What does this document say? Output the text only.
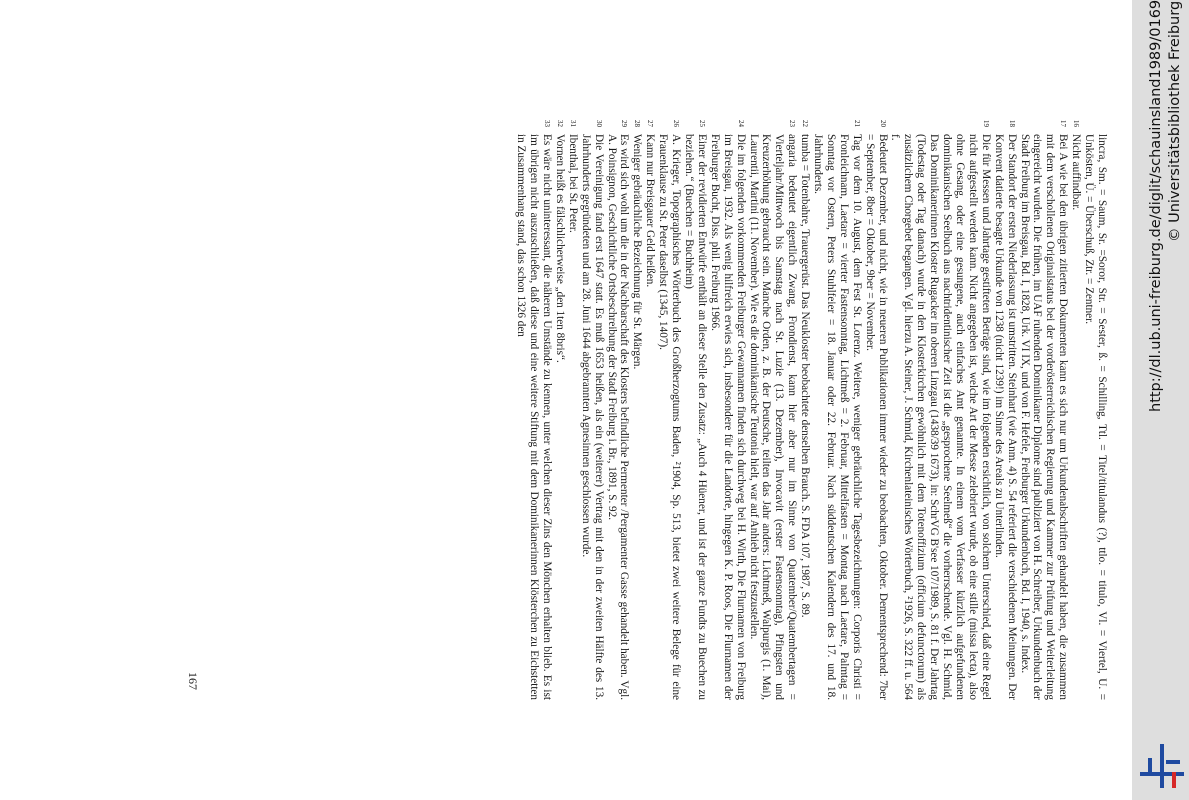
lincra, Sm. = Saum, Sr. =Soror, Str. = Sester, ß. = Schilling, Ttl. = Titel/titulandus (?), ttlo. = titulo, Vl. = Viertel, U. = Unkösten, Ü. = Überschuß, Ztr. = Zentner.

16
Nicht auffindbar.

17
Bei A wie bei den übrigen zitierten Dokumenten kann es sich nur um Urkundenabschriften gehandelt haben, die zusammen mit dem verschollenen Originalstatus bei der vorderösterreichischen Regierung und Kammer zur Prüfung und Weiterleitung eingereicht wurden. Die frühen, im UAF ruhenden Dominikaner Diplome sind publiziert von H. Schreiber, Urkundenbuch der Stadt Freiburg im Breisgau, Bd. I, 1828, Urk. VI IX, und von F. Hefele, Freiburger Urkundenbuch, Bd. I, 1940, s. Index.

18
Der Standort der ersten Niederlassung ist umstritten. Steinhart (wie Anm. 4) S. 54 referiert die verschiedenen Meinungen. Der Konvent datierte besagte Urkunde von 1238 (nicht 1239!) im Sinne des Areals zu Unterlinden.

19
Die für Messen und Jahrtage gestifteten Beträge sind, wie im folgenden ersichtlich, von solchem Unterschied, daß eine Regel nicht aufgestellt werden kann. Nicht angegeben ist, welche Art der Messe zelebriert wurde, ob eine stille (missa lecta), also ohne Gesang, oder eine gesungene, auch einfaches Amt genannte. In einem vom Verfasser kürzlich aufgefundenen dominikanischen Seelbuch aus nachtridentinischer Zeit ist die „gesprochene Seelmeß“ die vorherrschende. Vgl. H. Schmid, Das Dominikanerinnen Kloster Rugacker im oberen Linzgau (1438/39 1673), in: SchrVG B'see 107/1989, S. 81 f. Der Jahrtag (Todestag oder Tag danach) wurde in den Klosterkirchen gewöhnlich mit dem Totenoffizium (officium defunctorum) als zusätzlichem Chorgebet begangen. Vgl. hierzu A. Steiner, J. Schmid, Kirchenlateinisches Wörterbuch, ²1926, S. 322 ff. u. 564 f.

20
Bedeutet Dezember, und nicht, wie in neueren Publikationen immer wieder zu beobachten, Oktober. Dementsprechend: 7ber = September, 8ber = Oktober, 9ber = November.

21
Tag vor dem 10. August, dem Fest St. Lorenz. Weitere, weniger gebräuchliche Tagesbezeichnungen: Corporis Christi = Fronleichnam, Laetare = vierter Fastensonntag, Lichtmeß = 2. Februar, Mittelfasten = Montag nach Laetare, Palmtag = Sonntag vor Ostern, Peters Stuhlfeier = 18. Januar oder 22. Februar. Nach süddeutschen Kalendern des 17. und 18. Jahrhunderts.

22
tumba = Totenbahre, Trauergerüst. Das Neukloster beobachtete denselben Brauch. S. FDA 107, 1987, S. 89.

23
angaria bedeutet eigentlich Zwang, Frondienst, kann hier aber nur im Sinne von Quatember/Quatembertagen = Vierteljahr/Mittwoch bis Samstag nach St. Luzie (13. Dezember), Invocavit (erster Fastensonntag), Pfingsten und Kreuzerhöhung gebraucht sein. Manche Orden, z. B. der Deutsche, teilten das Jahr anders: Lichtmeß, Walpurgis (1. Mai), Laurentii, Martini (11. November). Wie es die dominikanische Teutonia hielt, war auf Anhieb nicht festzustellen.

24
Die im folgenden vorkommenden Freiburger Gewannamen finden sich durchweg bei H. Wirth, Die Flurnamen von Freiburg im Breisgau, 1932. Als wenig hilfreich erwies sich, insbesondere für die Landorte, hingegen K. P. Roos, Die Flurnamen der Freiburger Bucht, Diss. phil. Freiburg 1966.

25
Einer der revidierten Entwürfe enthält an dieser Stelle den Zusatz: „Auch 4 Hüener, und ist der ganze Fundts zu Buechen zu beziehen.“ (Buechen = Buchheim)

26
A. Krieger, Topographisches Wörterbuch des Großherzogtums Baden, ²1904, Sp. 513, bietet zwei weitere Belege für eine Frauenklause zu St. Peter daselbst (1345, 1407).

27
Kann nur Breisgauer Geld heißen.

28
Weniger gebräuchliche Bezeichnung für St. Märgen.

29
Es wird sich wohl um die in der Nachbarschaft des Klosters befindliche Permenter /Pergamenter Gasse gehandelt haben. Vgl. A. Poinsignon, Geschichtliche Ortsbeschreibung der Stadt Freiburg i. Br., 1891, S. 92.

30
Die Vereinigung fand erst 1647 statt. Es muß 1653 heißen, als ein (weiterer) Vertrag mit den in der zweiten Hälfte des 13. Jahrhunderts gegründeten und am 28. Juni 1644 abgebrannten Agnesinnen geschlossen wurde.

31
Ibenthal, bei St. Peter.

32
Vornen heißt es fälschlicherweise „den 1ten 8bris“.

33
Es wäre nicht uninteressant, die näheren Umstände zu kennen, unter welchen dieser Zins den Mönchen erhalten blieb. Es ist im übrigen nicht auszuschließen, daß diese und eine weitere Stiftung mit dem Dominikanerinnen Klösterchen zu Eichstetten in Zusammenhang stand, das schon 1326 den

167
http://dl.ub.uni-freiburg.de/diglit/schauinsland1989/0169 © Universitätsbibliothek Freiburg
